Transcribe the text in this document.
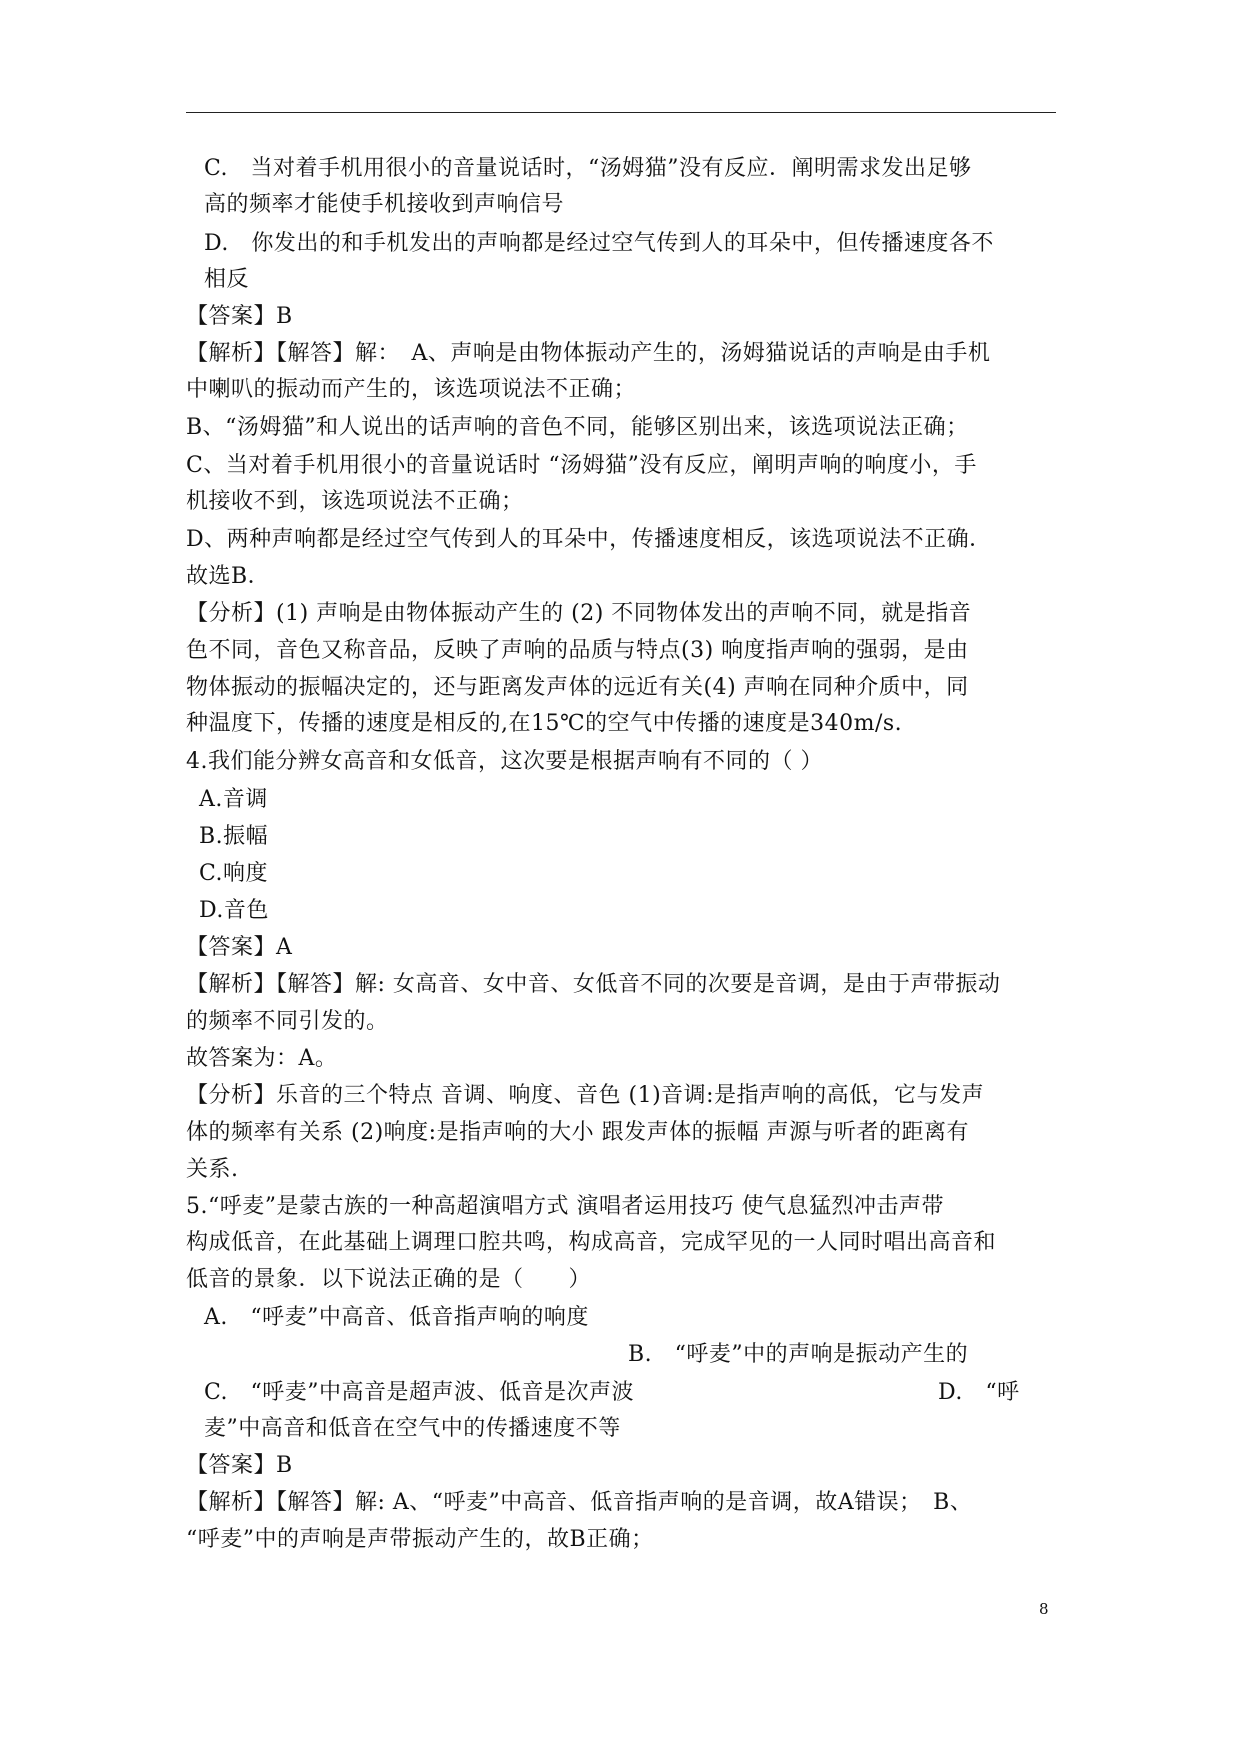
C.　当对着手机用很小的音量说话时，“汤姆猫”没有反应．阐明需求发出足够
高的频率才能使手机接收到声响信号
D.　你发出的和手机发出的声响都是经过空气传到人的耳朵中，但传播速度各不
相反
【答案】B
【解析】【解答】解：　A、声响是由物体振动产生的，汤姆猫说话的声响是由手机
中喇叭的振动而产生的，该选项说法不正确；
B、“汤姆猫”和人说出的话声响的音色不同，能够区别出来，该选项说法正确；
C、当对着手机用很小的音量说话时 “汤姆猫”没有反应，阐明声响的响度小，手
机接收不到，该选项说法不正确；
D、两种声响都是经过空气传到人的耳朵中，传播速度相反，该选项说法不正确．
故选B．
【分析】(1) 声响是由物体振动产生的 (2) 不同物体发出的声响不同，就是指音
色不同，音色又称音品，反映了声响的品质与特点(3) 响度指声响的强弱，是由
物体振动的振幅决定的，还与距离发声体的远近有关(4) 声响在同种介质中，同
种温度下，传播的速度是相反的,在15℃的空气中传播的速度是340m/s.
4.我们能分辨女高音和女低音，这次要是根据声响有不同的（ ）
A.音调
B.振幅
C.响度
D.音色
【答案】A
【解析】【解答】解: 女高音、女中音、女低音不同的次要是音调，是由于声带振动
的频率不同引发的。
故答案为：A。
【分析】乐音的三个特点 音调、响度、音色 (1)音调:是指声响的高低，它与发声
体的频率有关系 (2)响度:是指声响的大小 跟发声体的振幅 声源与听者的距离有
关系.
5.“呼麦”是蒙古族的一种高超演唱方式 演唱者运用技巧 使气息猛烈冲击声带
构成低音，在此基础上调理口腔共鸣，构成高音，完成罕见的一人同时唱出高音和
低音的景象．以下说法正确的是（　　）
A.　“呼麦”中高音、低音指声响的响度
B.　“呼麦”中的声响是振动产生的
C.　“呼麦”中高音是超声波、低音是次声波	D.　“呼
麦”中高音和低音在空气中的传播速度不等
【答案】B
【解析】【解答】解: A、“呼麦”中高音、低音指声响的是音调，故A错误；　B、
“呼麦”中的声响是声带振动产生的，故B正确；
8
